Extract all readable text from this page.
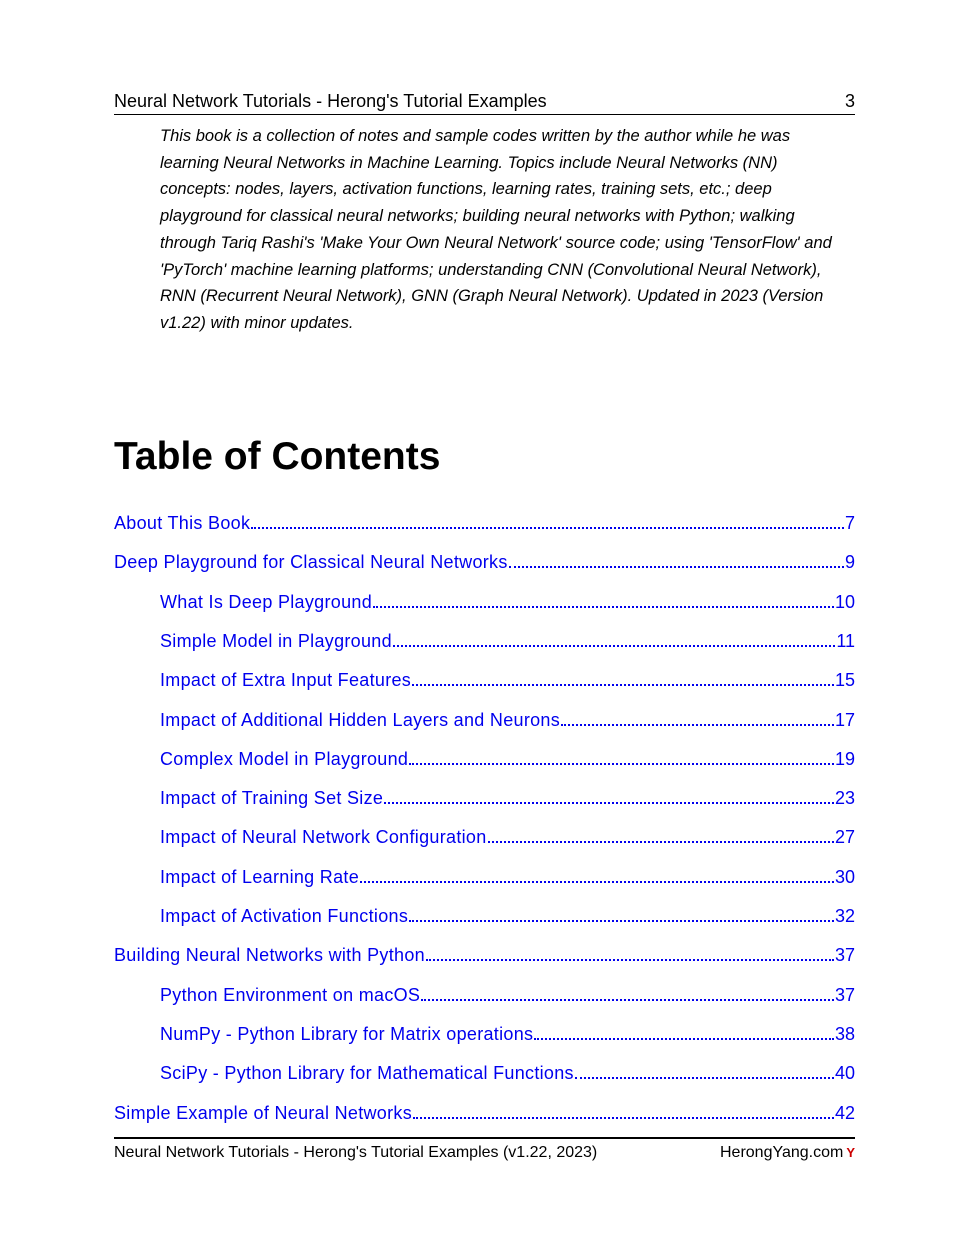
Neural Network Tutorials - Herong's Tutorial Examples	3

This book is a collection of notes and sample codes written by the author while he was learning Neural Networks in Machine Learning. Topics include Neural Networks (NN) concepts: nodes, layers, activation functions, learning rates, training sets, etc.; deep playground for classical neural networks; building neural networks with Python; walking through Tariq Rashi's 'Make Your Own Neural Network' source code; using 'TensorFlow' and 'PyTorch' machine learning platforms; understanding CNN (Convolutional Neural Network), RNN (Recurrent Neural Network), GNN (Graph Neural Network). Updated in 2023 (Version v1.22) with minor updates.

Table of Contents
About This Book	7
Deep Playground for Classical Neural Networks	9
What Is Deep Playground	10
Simple Model in Playground	11
Impact of Extra Input Features	15
Impact of Additional Hidden Layers and Neurons	17
Complex Model in Playground	19
Impact of Training Set Size	23
Impact of Neural Network Configuration	27
Impact of Learning Rate	30
Impact of Activation Functions	32
Building Neural Networks with Python	37
Python Environment on macOS	37
NumPy - Python Library for Matrix operations	38
SciPy - Python Library for Mathematical Functions	40
Simple Example of Neural Networks	42
Neural Network Tutorials - Herong's Tutorial Examples (v1.22, 2023)	HerongYang.com Y
